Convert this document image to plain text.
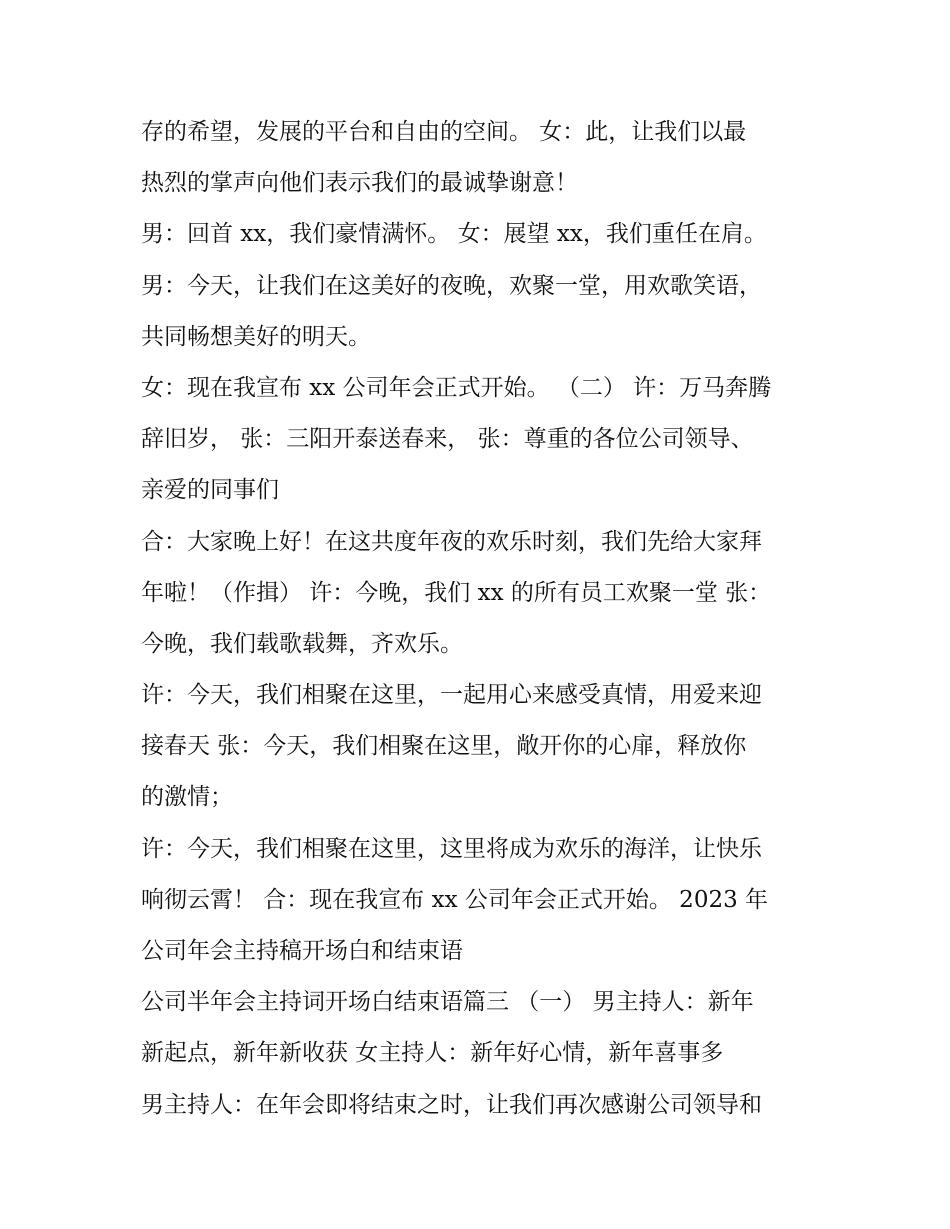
存的希望，发展的平台和自由的空间。 女：此，让我们以最
热烈的掌声向他们表示我们的最诚挚谢意！
男：回首 xx，我们豪情满怀。 女：展望 xx，我们重任在肩。
男：今天，让我们在这美好的夜晚，欢聚一堂，用欢歌笑语，
共同畅想美好的明天。
女：现在我宣布 xx 公司年会正式开始。 （二） 许：万马奔腾
辞旧岁， 张：三阳开泰送春来， 张：尊重的各位公司领导、
亲爱的同事们
合：大家晚上好！在这共度年夜的欢乐时刻，我们先给大家拜
年啦！（作揖） 许：今晚，我们 xx 的所有员工欢聚一堂 张：
今晚，我们载歌载舞，齐欢乐。
许：今天，我们相聚在这里，一起用心来感受真情，用爱来迎
接春天 张：今天，我们相聚在这里，敞开你的心扉，释放你
的激情；
许：今天，我们相聚在这里，这里将成为欢乐的海洋，让快乐
响彻云霄！ 合：现在我宣布 xx 公司年会正式开始。 2023 年
公司年会主持稿开场白和结束语
公司半年会主持词开场白结束语篇三 （一） 男主持人：新年
新起点，新年新收获 女主持人：新年好心情，新年喜事多
男主持人：在年会即将结束之时，让我们再次感谢公司领导和
